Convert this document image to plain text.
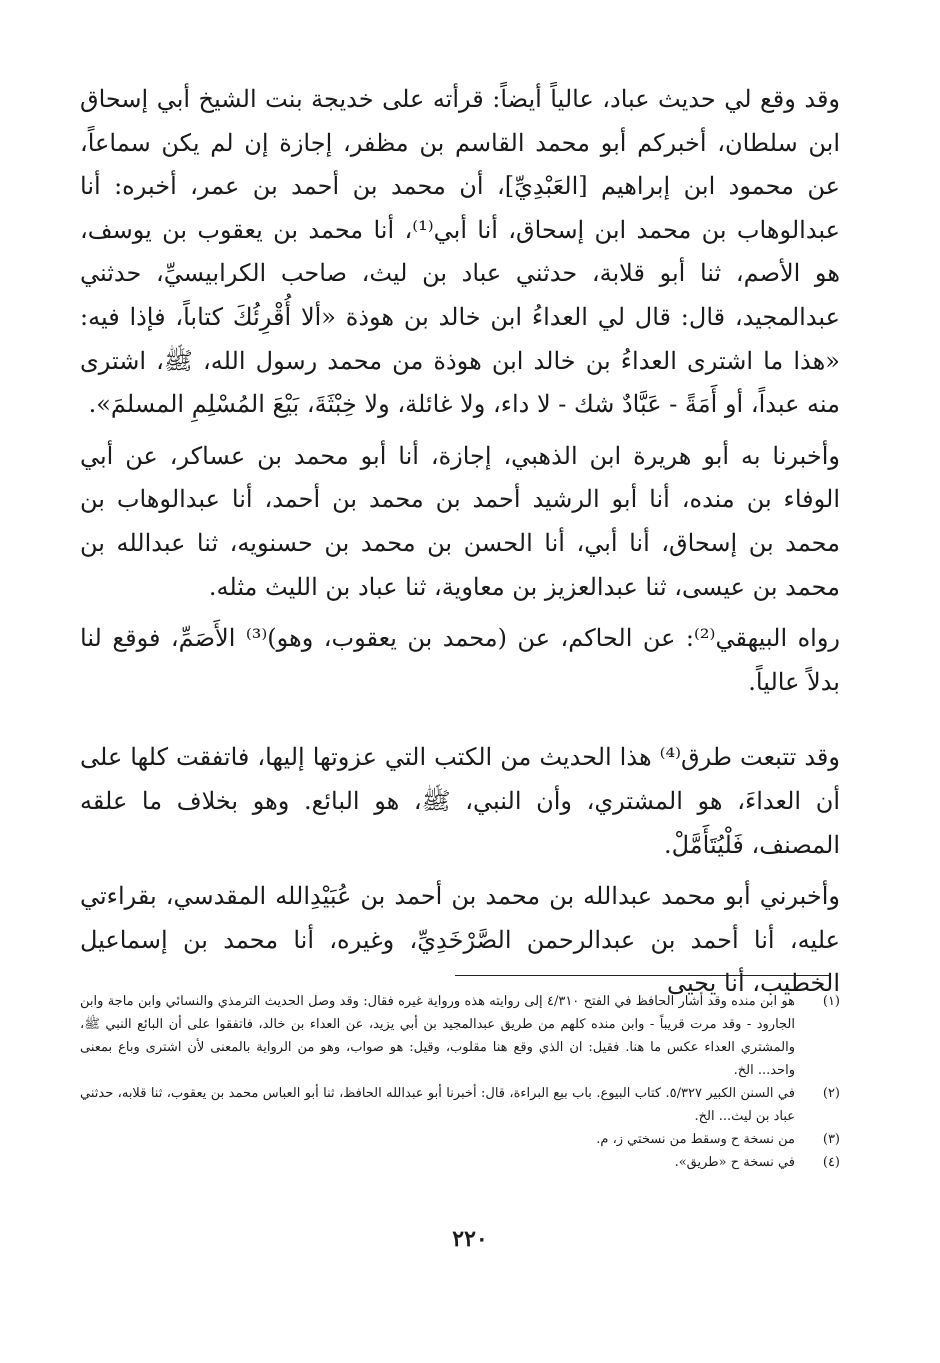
وقد وقع لي حديث عباد، عالياً أيضاً: قرأته على خديجة بنت الشيخ أبي إسحاق ابن سلطان، أخبركم أبو محمد القاسم بن مظفر، إجازة إن لم يكن سماعاً، عن محمود ابن إبراهيم [العَبْدِيِّ]، أن محمد بن أحمد بن عمر، أخبره: أنا عبدالوهاب بن محمد ابن إسحاق، أنا أبي⁽¹⁾، أنا محمد بن يعقوب بن يوسف، هو الأصم، ثنا أبو قلابة، حدثني عباد بن ليث، صاحب الكرابيسيِّ، حدثني عبدالمجيد، قال: قال لي العداءُ ابن خالد بن هوذة «ألا أُقْرِئُكَ كتاباً، فإذا فيه: «هذا ما اشترى العداءُ بن خالد ابن هوذة من محمد رسول الله، ﷺ، اشترى منه عبداً، أو أَمَةً - عَبَّادٌ شك - لا داء، ولا غائلة، ولا خِبْثَةَ، بَيْعَ المُسْلِمِ المسلمَ».

وأخبرنا به أبو هريرة ابن الذهبي، إجازة، أنا أبو محمد بن عساكر، عن أبي الوفاء بن منده، أنا أبو الرشيد أحمد بن محمد بن أحمد، أنا عبدالوهاب بن محمد بن إسحاق، أنا أبي، أنا الحسن بن محمد بن حسنويه، ثنا عبدالله بن محمد بن عيسى، ثنا عبدالعزيز بن معاوية، ثنا عباد بن الليث مثله.

رواه البيهقي⁽²⁾: عن الحاكم، عن (محمد بن يعقوب، وهو)⁽³⁾ الأَصَمِّ، فوقع لنا بدلاً عالياً.

وقد تتبعت طرق⁽⁴⁾ هذا الحديث من الكتب التي عزوتها إليها، فاتفقت كلها على أن العداءَ، هو المشتري، وأن النبي، ﷺ، هو البائع. وهو بخلاف ما علقه المصنف، فَلْيُتَأَمَّلْ.

وأخبرني أبو محمد عبدالله بن محمد بن أحمد بن عُبَيْدِالله المقدسي، بقراءتي عليه، أنا أحمد بن عبدالرحمن الصَّرْخَدِيِّ، وغيره، أنا محمد بن إسماعيل الخطيب، أنا يحيى

(١)
هو ابن منده وقد أشار الحافظ في الفتح ٤/٣١٠ إلى روايته هذه ورواية غيره فقال: وقد وصل الحديث الترمذي والنسائي وابن ماجة وابن الجارود - وقد مرت قريباً - وابن منده كلهم من طريق عبدالمجيد بن أبي يزيد، عن العداء بن خالد، فاتفقوا على أن البائع النبي ﷺ، والمشتري العداء عكس ما هنا. فقيل: ان الذي وقع هنا مقلوب، وقيل: هو صواب، وهو من الرواية بالمعنى لأن اشترى وباع بمعنى واحد... الخ.
(٢)
في السنن الكبير ٥/٣٢٧. كتاب البيوع. باب بيع البراءة، قال: أخبرنا أبو عبدالله الحافظ، ثنا أبو العباس محمد بن يعقوب، ثنا قلابه، حدثني عباد بن ليث... الخ.
(٣)
من نسخة ح وسقط من نسختي ز، م.
(٤)
في نسخة ح «طريق».
٢٢٠
